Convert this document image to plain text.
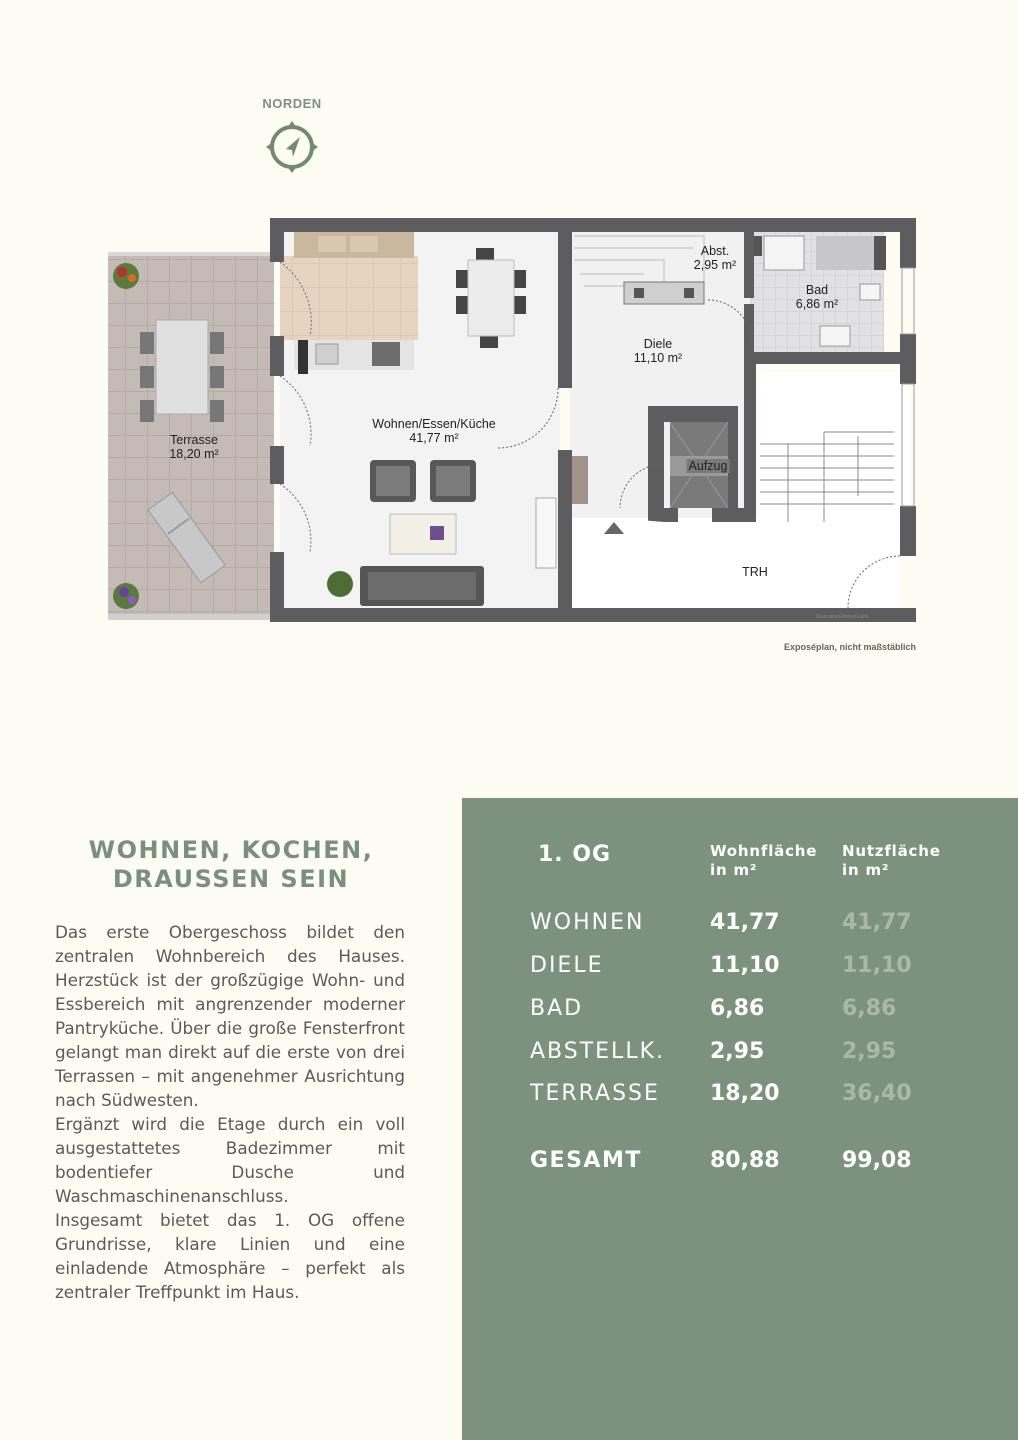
NORDEN
Terrasse
18,20 m²
Wohnen/Essen/Küche
41,77 m²
Abst.
2,95 m²
Bad
6,86 m²
Diele
11,10 m²
Aufzug
TRH
Illustration©ImmoGrafik
Exposéplan, nicht maßstäblich
WOHNEN, KOCHEN,
DRAUSSEN SEIN

Das erste Obergeschoss bildet den zentralen Wohnbereich des Hauses. Herzstück ist der großzügige Wohn- und Essbereich mit angrenzender moderner Pantryküche. Über die große Fensterfront gelangt man direkt auf die erste von drei Terrassen – mit angenehmer Ausrichtung nach Südwesten.

Ergänzt wird die Etage durch ein voll ausgestattetes Badezimmer mit bodentiefer Dusche und Waschmaschinenanschluss.

Insgesamt bietet das 1. OG offene Grundrisse, klare Linien und eine einladende Atmosphäre – perfekt als zentraler Treffpunkt im Haus.

1. OG	Wohnfläche
in m²
Nutzfläche
in m²
WOHNEN	41,77	41,77
DIELE	11,10	11,10
BAD	6,86	6,86
ABSTELLK. 2,95	2,95
TERRASSE 18,20	36,40
GESAMT	80,88	99,08
